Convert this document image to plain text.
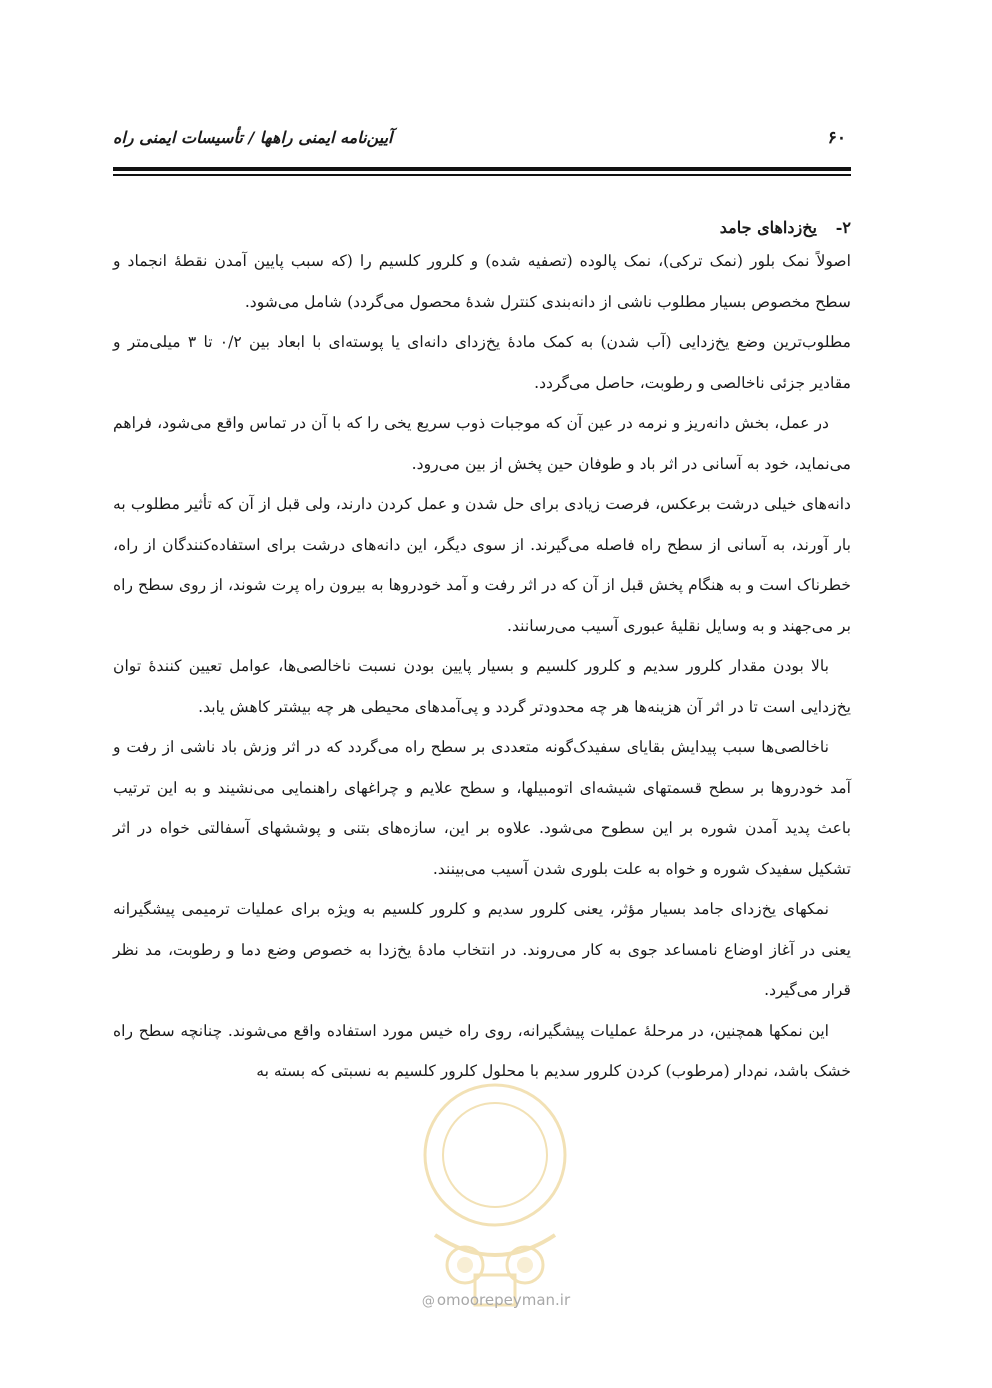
۶۰
آیین‌نامه ایمنی راهها / تأسیسات ایمنی راه
۲-یخ‌زداهای جامد

اصولاً نمک بلور (نمک ترکی)، نمک پالوده (تصفیه شده) و کلرور کلسیم را (که سبب پایین آمدن نقطهٔ انجماد و سطح مخصوص بسیار مطلوب ناشی از دانه‌بندی کنترل شدهٔ محصول می‌گردد) شامل می‌شود.

مطلوب‌ترین وضع یخ‌زدایی (آب شدن) به کمک مادهٔ یخ‌زدای دانه‌ای یا پوسته‌ای با ابعاد بین ۰/۲ تا ۳ میلی‌متر و مقادیر جزئی ناخالصی و رطوبت، حاصل می‌گردد.

در عمل، بخش دانه‌ریز و نرمه در عین آن که موجبات ذوب سریع یخی را که با آن در تماس واقع می‌شود، فراهم می‌نماید، خود به آسانی در اثر باد و طوفان حین پخش از بین می‌رود.

دانه‌های خیلی درشت برعکس، فرصت زیادی برای حل شدن و عمل کردن دارند، ولی قبل از آن که تأثیر مطلوب به بار آورند، به آسانی از سطح راه فاصله می‌گیرند. از سوی دیگر، این دانه‌های درشت برای استفاده‌کنندگان از راه، خطرناک است و به هنگام پخش قبل از آن که در اثر رفت و آمد خودروها به بیرون راه پرت شوند، از روی سطح راه بر می‌جهند و به وسایل نقلیهٔ عبوری آسیب می‌رسانند.

بالا بودن مقدار کلرور سدیم و کلرور کلسیم و بسیار پایین بودن نسبت ناخالصی‌ها، عوامل تعیین کنندهٔ توان یخ‌زدایی است تا در اثر آن هزینه‌ها هر چه محدودتر گردد و پی‌آمدهای محیطی هر چه بیشتر کاهش یابد.

ناخالصی‌ها سبب پیدایش بقایای سفیدک‌گونه متعددی بر سطح راه می‌گردد که در اثر وزش باد ناشی از رفت و آمد خودروها بر سطح قسمتهای شیشه‌ای اتومبیلها، و سطح علایم و چراغهای راهنمایی می‌نشیند و به این ترتیب باعث پدید آمدن شوره بر این سطوح می‌شود. علاوه بر این، سازه‌های بتنی و پوششهای آسفالتی خواه در اثر تشکیل سفیدک شوره و خواه به علت بلوری شدن آسیب می‌بینند.

نمکهای یخ‌زدای جامد بسیار مؤثر، یعنی کلرور سدیم و کلرور کلسیم به ویژه برای عملیات ترمیمی پیشگیرانه یعنی در آغاز اوضاع نامساعد جوی به کار می‌روند. در انتخاب مادهٔ یخ‌زدا به خصوص وضع دما و رطوبت، مد نظر قرار می‌گیرد.

این نمکها همچنین، در مرحلهٔ عملیات پیشگیرانه، روی راه خیس مورد استفاده واقع می‌شوند. چنانچه سطح راه خشک باشد، نم‌دار (مرطوب) کردن کلرور سدیم با محلول کلرور کلسیم به نسبتی که بسته به

@ omoorepeyman.ir
